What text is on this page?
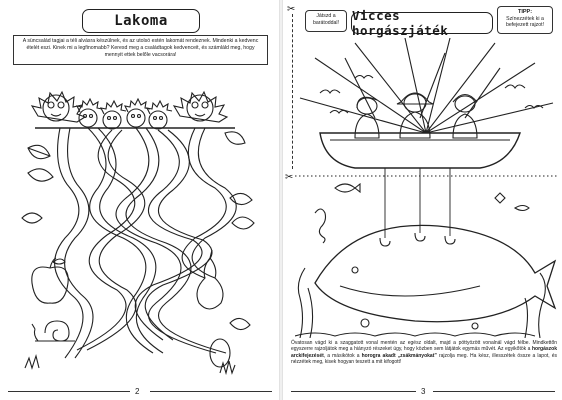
Lakoma
A süncsalád tagjai a téli alvásra készülnek, és az utolsó estén lakomát rendeznek. Mindenki a kedvenc ételét eszi. Kinek mi a legfinomabb? Keresd meg a családtagok kedvenceit, és számláld meg, hogy mennyit ettek belőle vacsorára!
2
✂
Játszd a barátoddal!	Vicces horgászjáték
TIPP:
Színezzétek ki a befejezett rajzot!
✂
Óvatosan vágd ki a szaggatott vonal mentén az egész oldalt, majd a pöttyözött vonalnál vágd félbe. Mindkettőn egyszerre rajzoljátok meg a hiányzó részeket úgy, hogy közben sem látjátok egymás művét. Az egyikőtök a horgászok arckifejezését, a másikótok a horogra akadt „zsákmányokat” rajzolja meg. Ha kész, illesszétek össze a lapot, és nézzétek meg, kisek hogyan teszett a mit kifogott!
3
